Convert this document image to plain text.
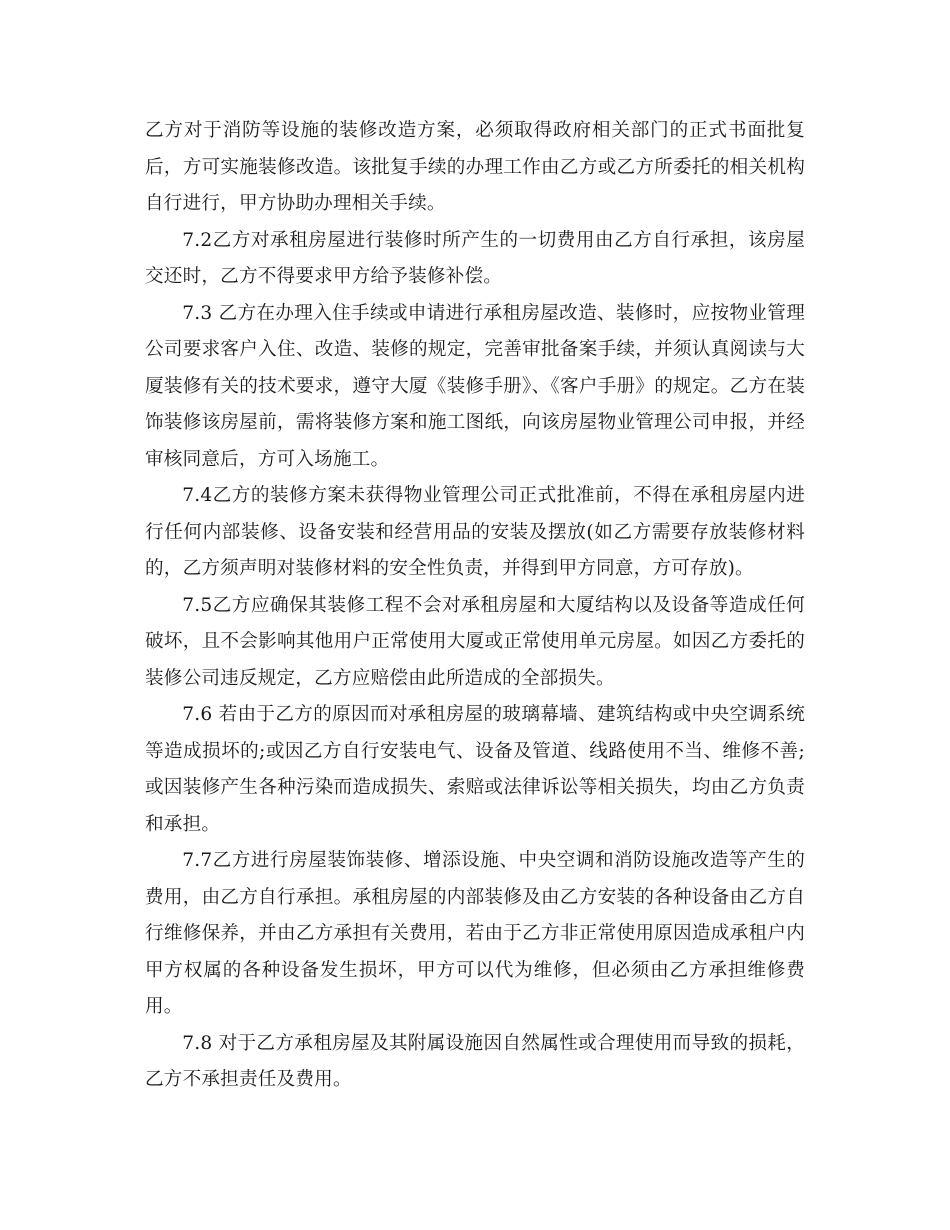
乙方对于消防等设施的装修改造方案，必须取得政府相关部门的正式书面批复后，方可实施装修改造。该批复手续的办理工作由乙方或乙方所委托的相关机构自行进行，甲方协助办理相关手续。

7.2乙方对承租房屋进行装修时所产生的一切费用由乙方自行承担，该房屋交还时，乙方不得要求甲方给予装修补偿。

7.3 乙方在办理入住手续或申请进行承租房屋改造、装修时，应按物业管理公司要求客户入住、改造、装修的规定，完善审批备案手续，并须认真阅读与大厦装修有关的技术要求，遵守大厦《装修手册》、《客户手册》的规定。乙方在装饰装修该房屋前，需将装修方案和施工图纸，向该房屋物业管理公司申报，并经审核同意后，方可入场施工。

7.4乙方的装修方案未获得物业管理公司正式批准前，不得在承租房屋内进行任何内部装修、设备安装和经营用品的安装及摆放(如乙方需要存放装修材料的，乙方须声明对装修材料的安全性负责，并得到甲方同意，方可存放)。

7.5乙方应确保其装修工程不会对承租房屋和大厦结构以及设备等造成任何破坏，且不会影响其他用户正常使用大厦或正常使用单元房屋。如因乙方委托的装修公司违反规定，乙方应赔偿由此所造成的全部损失。

7.6 若由于乙方的原因而对承租房屋的玻璃幕墙、建筑结构或中央空调系统等造成损坏的;或因乙方自行安装电气、设备及管道、线路使用不当、维修不善;或因装修产生各种污染而造成损失、索赔或法律诉讼等相关损失，均由乙方负责和承担。

7.7乙方进行房屋装饰装修、增添设施、中央空调和消防设施改造等产生的费用，由乙方自行承担。承租房屋的内部装修及由乙方安装的各种设备由乙方自行维修保养，并由乙方承担有关费用，若由于乙方非正常使用原因造成承租户内甲方权属的各种设备发生损坏，甲方可以代为维修，但必须由乙方承担维修费用。

7.8 对于乙方承租房屋及其附属设施因自然属性或合理使用而导致的损耗，乙方不承担责任及费用。
